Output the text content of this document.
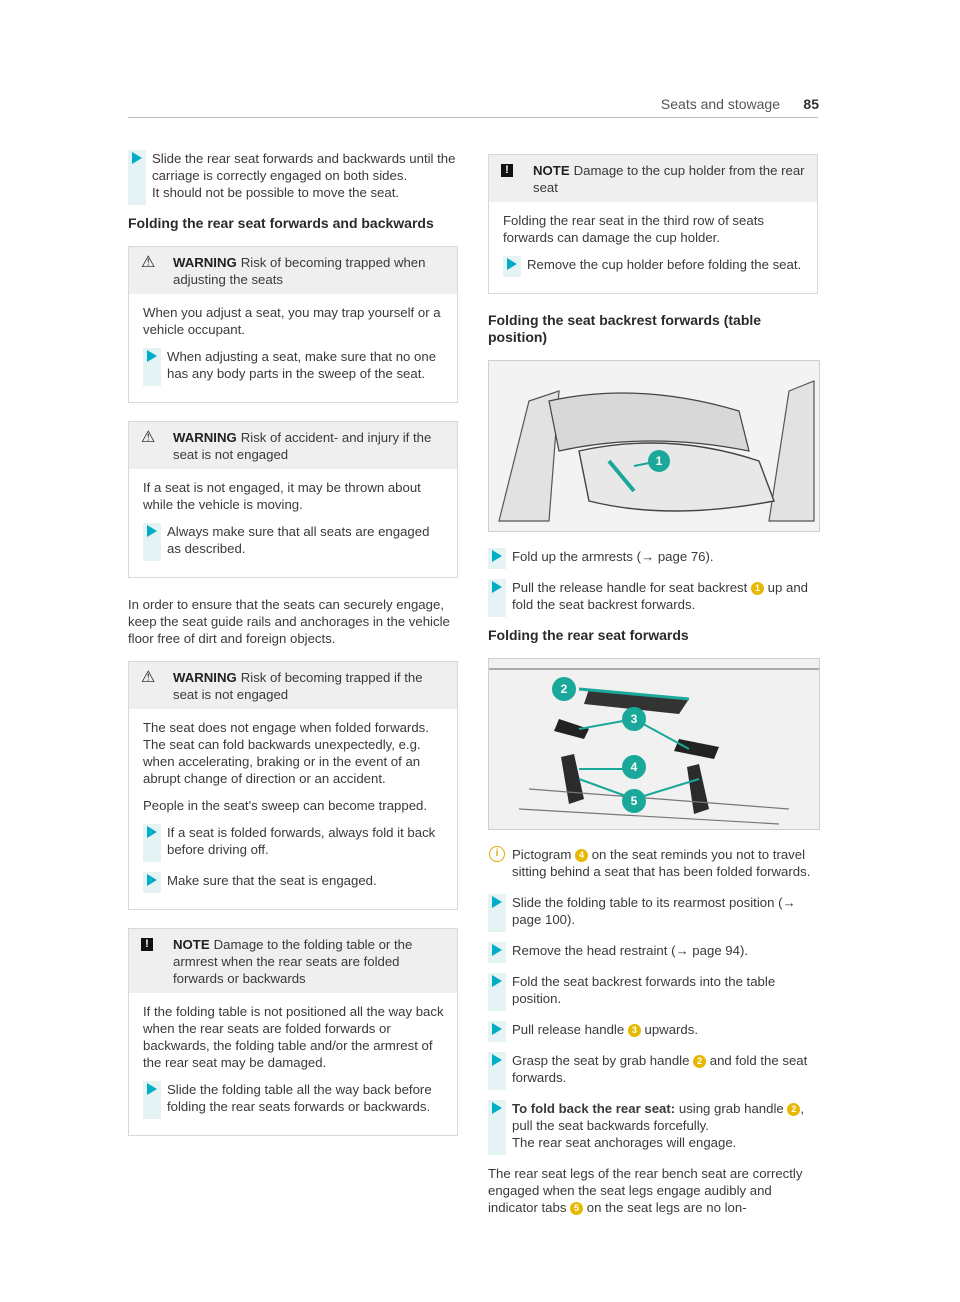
Seats and stowage 85

Slide the rear seat forwards and backwards until the carriage is correctly engaged on both sides.

It should not be possible to move the seat.

Folding the rear seat forwards and backwards
⚠ WARNING Risk of becoming trapped when adjusting the seats

When you adjust a seat, you may trap yourself or a vehicle occupant.

When adjusting a seat, make sure that no one has any body parts in the sweep of the seat.

⚠ WARNING Risk of accident- and injury if the seat is not engaged

If a seat is not engaged, it may be thrown about while the vehicle is moving.

Always make sure that all seats are engaged as described.

In order to ensure that the seats can securely engage, keep the seat guide rails and anchorages in the vehicle floor free of dirt and foreign objects.

⚠ WARNING Risk of becoming trapped if the seat is not engaged

The seat does not engage when folded forwards. The seat can fold backwards unexpectedly, e.g. when accelerating, braking or in the event of an abrupt change of direction or an accident.

People in the seat's sweep can become trapped.

If a seat is folded forwards, always fold it back before driving off.

Make sure that the seat is engaged.

!	NOTE Damage to the folding table or the armrest when the rear seats are folded forwards or backwards

If the folding table is not positioned all the way back when the rear seats are folded forwards or backwards, the folding table and/or the armrest of the rear seat may be damaged.

Slide the folding table all the way back before folding the rear seats forwards or backwards.

!	NOTE Damage to the cup holder from the rear seat

Folding the rear seat in the third row of seats forwards can damage the cup holder.

Remove the cup holder before folding the seat.

Folding the seat backrest forwards (table position)
1

Fold up the armrests (→ page 76).

Pull the release handle for seat backrest 1 up and fold the seat backrest forwards.

Folding the rear seat forwards
2
3
4
5
i	Pictogram 4 on the seat reminds you not to travel sitting behind a seat that has been folded forwards.

Slide the folding table to its rearmost position (→ page 100).

Remove the head restraint (→ page 94).

Fold the seat backrest forwards into the table position.

Pull release handle 3 upwards.

Grasp the seat by grab handle 2 and fold the seat forwards.

To fold back the rear seat: using grab handle 2 , pull the seat backwards forcefully.

The rear seat anchorages will engage.

The rear seat legs of the rear bench seat are correctly engaged when the seat legs engage audibly and indicator tabs 5 on the seat legs are no lon-
